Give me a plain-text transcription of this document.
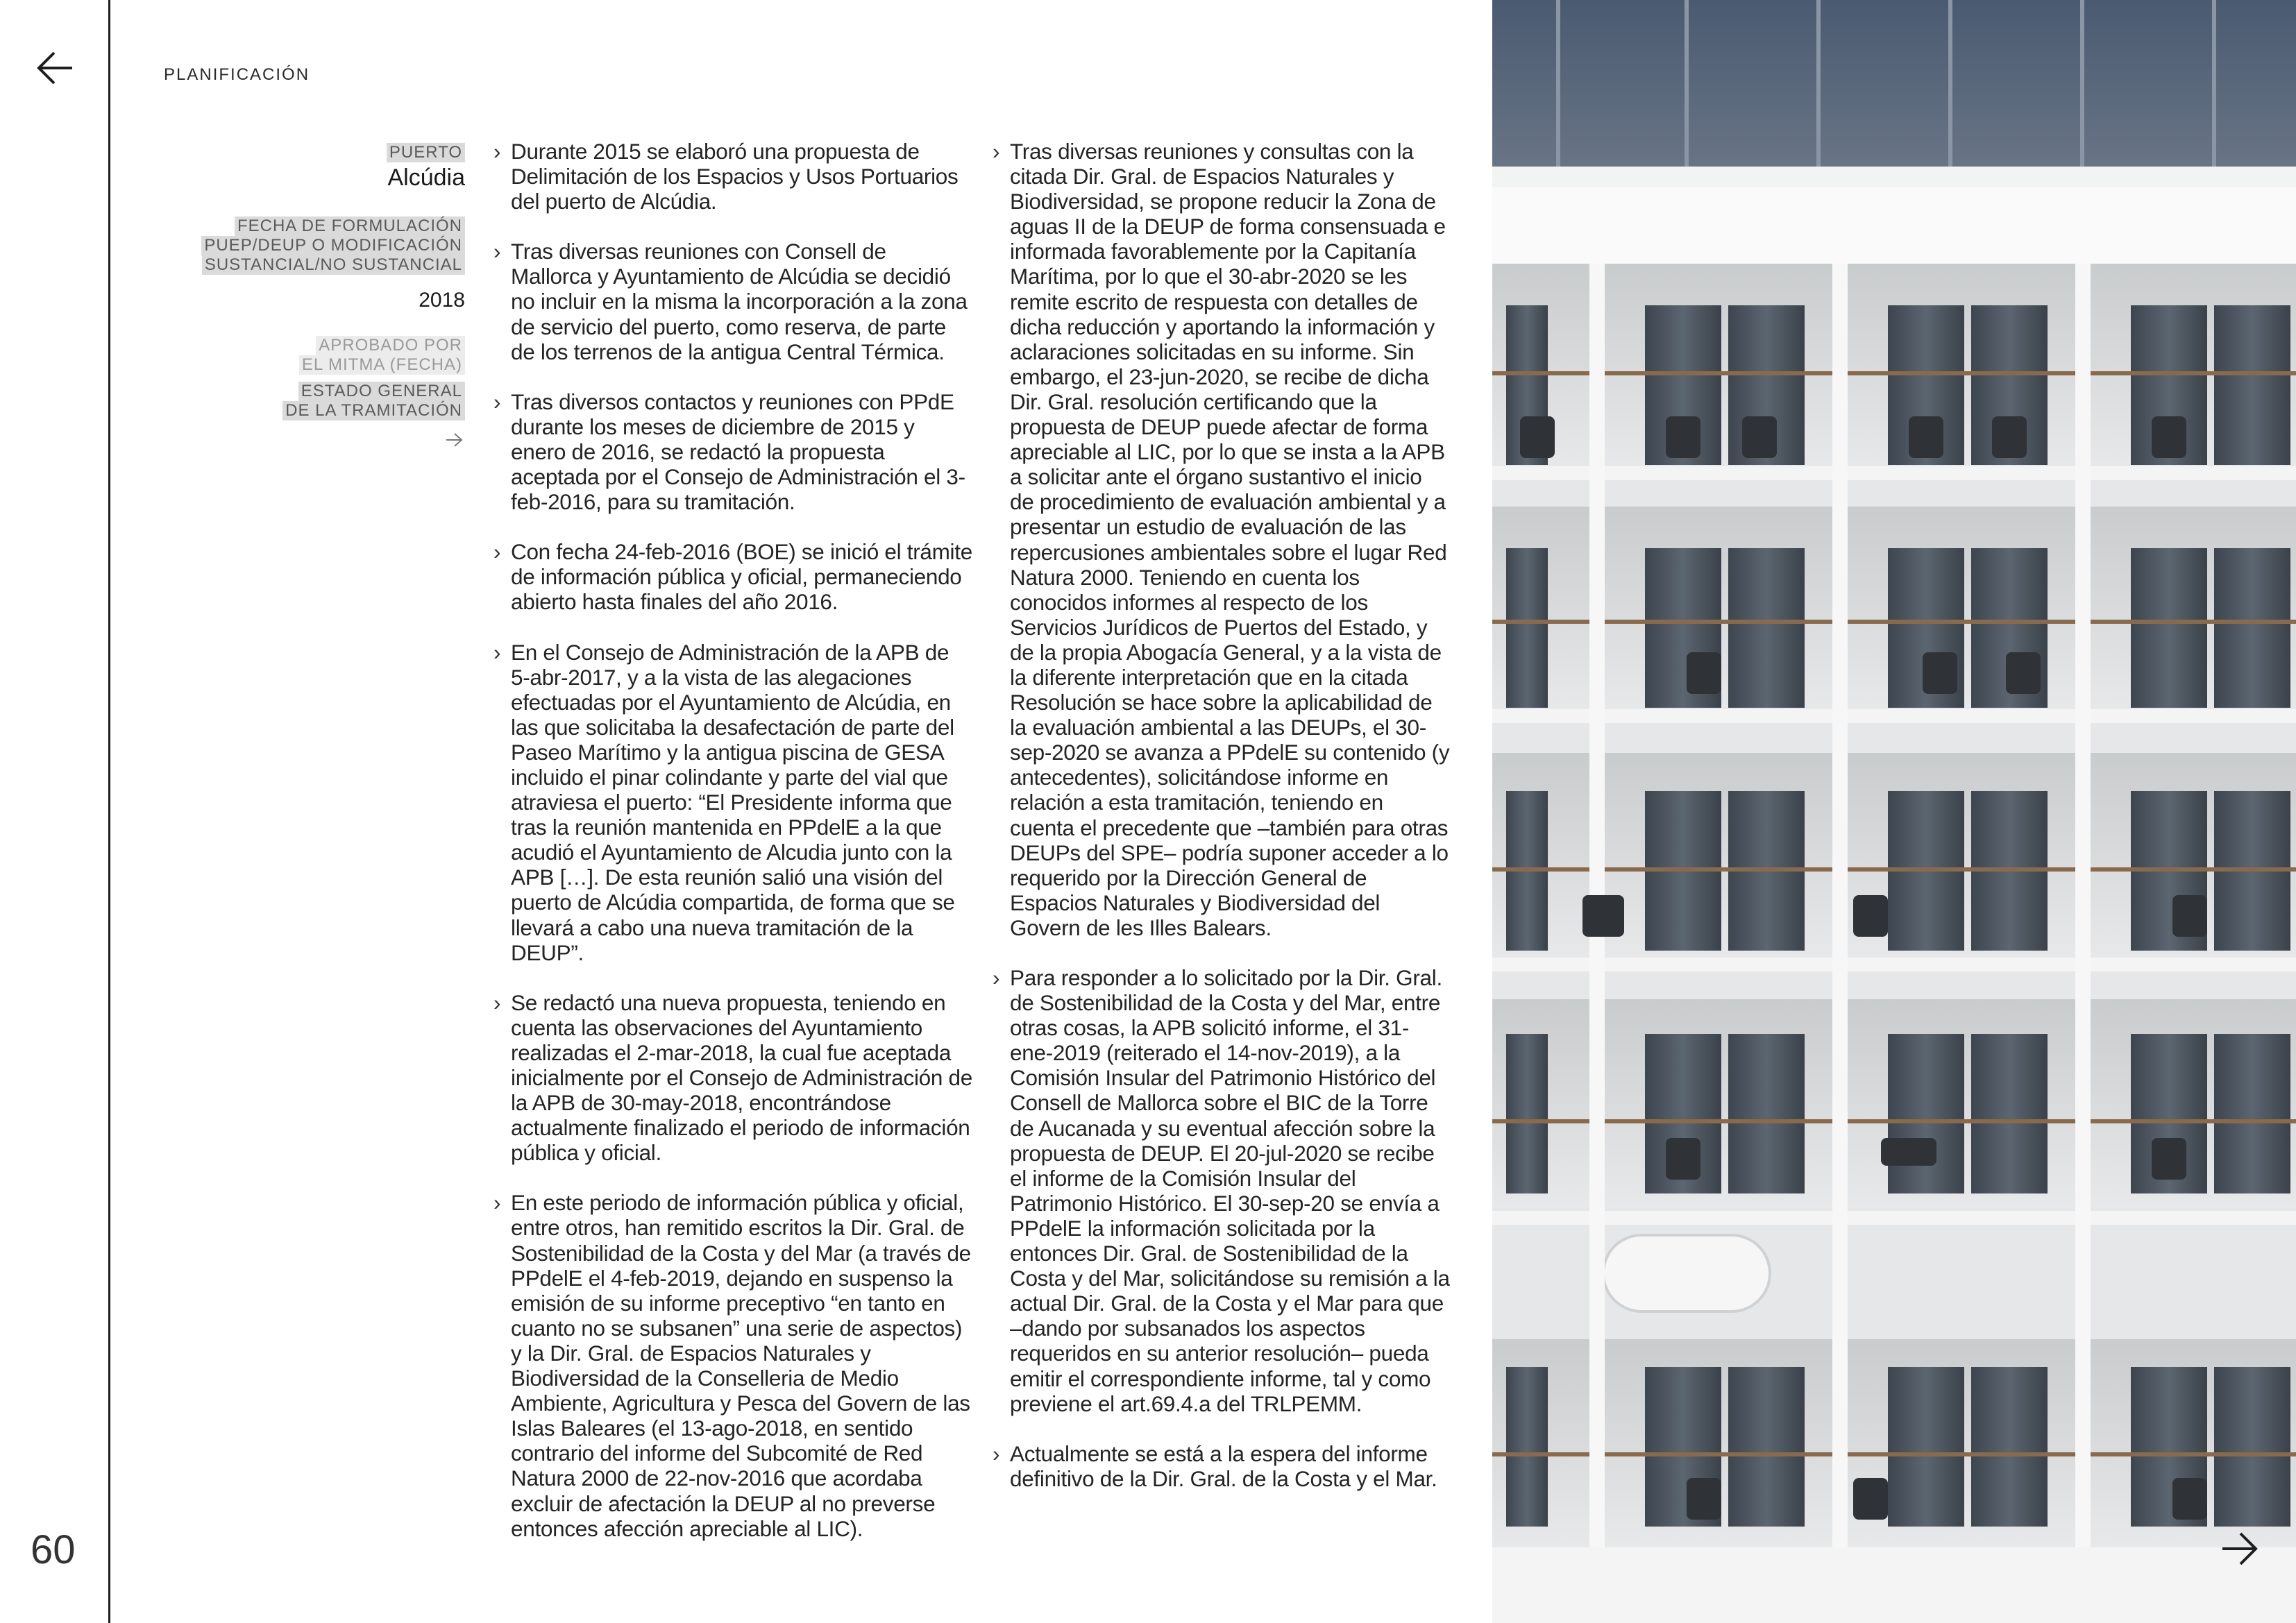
PLANIFICACIÓN
60
PUERTO
Alcúdia
FECHA DE FORMULACIÓN
PUEP/DEUP O MODIFICACIÓN
SUSTANCIAL/NO SUSTANCIAL
2018
APROBADO POR
EL MITMA (FECHA)
ESTADO GENERAL
DE LA TRAMITACIÓN

› Durante 2015 se elaboró una propuesta de Delimitación de los Espacios y Usos Portuarios del puerto de Alcúdia.

› Tras diversas reuniones con Consell de Mallorca y Ayuntamiento de Alcúdia se decidió no incluir en la misma la incorporación a la zona de servicio del puerto, como reserva, de parte de los terrenos de la antigua Central Térmica.

› Tras diversos contactos y reuniones con PPdE durante los meses de diciembre de 2015 y enero de 2016, se redactó la propuesta aceptada por el Consejo de Administración el 3-feb-2016, para su tramitación.

› Con fecha 24-feb-2016 (BOE) se inició el trámite de información pública y oficial, permaneciendo abierto hasta finales del año 2016.

› En el Consejo de Administración de la APB de 5-abr-2017, y a la vista de las alegaciones efectuadas por el Ayuntamiento de Alcúdia, en las que solicitaba la desafectación de parte del Paseo Marítimo y la antigua piscina de GESA incluido el pinar colindante y parte del vial que atraviesa el puerto: “El Presidente informa que tras la reunión mantenida en PPdelE a la que acudió el Ayuntamiento de Alcudia junto con la APB […]. De esta reunión salió una visión del puerto de Alcúdia compartida, de forma que se llevará a cabo una nueva tramitación de la DEUP”.

› Se redactó una nueva propuesta, teniendo en cuenta las observaciones del Ayuntamiento realizadas el 2-mar-2018, la cual fue aceptada inicialmente por el Consejo de Administración de la APB de 30-may-2018, encontrándose actualmente finalizado el periodo de información pública y oficial.

› En este periodo de información pública y oficial, entre otros, han remitido escritos la Dir. Gral. de Sostenibilidad de la Costa y del Mar (a través de PPdelE el 4-feb-2019, dejando en suspenso la emisión de su informe preceptivo “en tanto en cuanto no se subsanen” una serie de aspectos) y la Dir. Gral. de Espacios Naturales y Biodiversidad de la Conselleria de Medio Ambiente, Agricultura y Pesca del Govern de las Islas Baleares (el 13-ago-2018, en sentido contrario del informe del Subcomité de Red Natura 2000 de 22-nov-2016 que acordaba excluir de afectación la DEUP al no preverse entonces afección apreciable al LIC).

› Tras diversas reuniones y consultas con la citada Dir. Gral. de Espacios Naturales y Biodiversidad, se propone reducir la Zona de aguas II de la DEUP de forma consensuada e informada favorablemente por la Capitanía Marítima, por lo que el 30-abr-2020 se les remite escrito de respuesta con detalles de dicha reducción y aportando la información y aclaraciones solicitadas en su informe. Sin embargo, el 23-jun-2020, se recibe de dicha Dir. Gral. resolución certificando que la propuesta de DEUP puede afectar de forma apreciable al LIC, por lo que se insta a la APB a solicitar ante el órgano sustantivo el inicio de procedimiento de evaluación ambiental y a presentar un estudio de evaluación de las repercusiones ambientales sobre el lugar Red Natura 2000. Teniendo en cuenta los conocidos informes al respecto de los Servicios Jurídicos de Puertos del Estado, y de la propia Abogacía General, y a la vista de la diferente interpretación que en la citada Resolución se hace sobre la aplicabilidad de la evaluación ambiental a las DEUPs, el 30-sep-2020 se avanza a PPdelE su contenido (y antecedentes), solicitándose informe en relación a esta tramitación, teniendo en cuenta el precedente que –también para otras DEUPs del SPE– podría suponer acceder a lo requerido por la Dirección General de Espacios Naturales y Biodiversidad del Govern de les Illes Balears.

› Para responder a lo solicitado por la Dir. Gral. de Sostenibilidad de la Costa y del Mar, entre otras cosas, la APB solicitó informe, el 31-ene-2019 (reiterado el 14-nov-2019), a la Comisión Insular del Patrimonio Histórico del Consell de Mallorca sobre el BIC de la Torre de Aucanada y su eventual afección sobre la propuesta de DEUP. El 20-jul-2020 se recibe el informe de la Comisión Insular del Patrimonio Histórico. El 30-sep-20 se envía a PPdelE la información solicitada por la entonces Dir. Gral. de Sostenibilidad de la Costa y del Mar, solicitándose su remisión a la actual Dir. Gral. de la Costa y el Mar para que –dando por subsanados los aspectos requeridos en su anterior resolución– pueda emitir el correspondiente informe, tal y como previene el art.69.4.a del TRLPEMM.

› Actualmente se está a la espera del informe definitivo de la Dir. Gral. de la Costa y el Mar.
